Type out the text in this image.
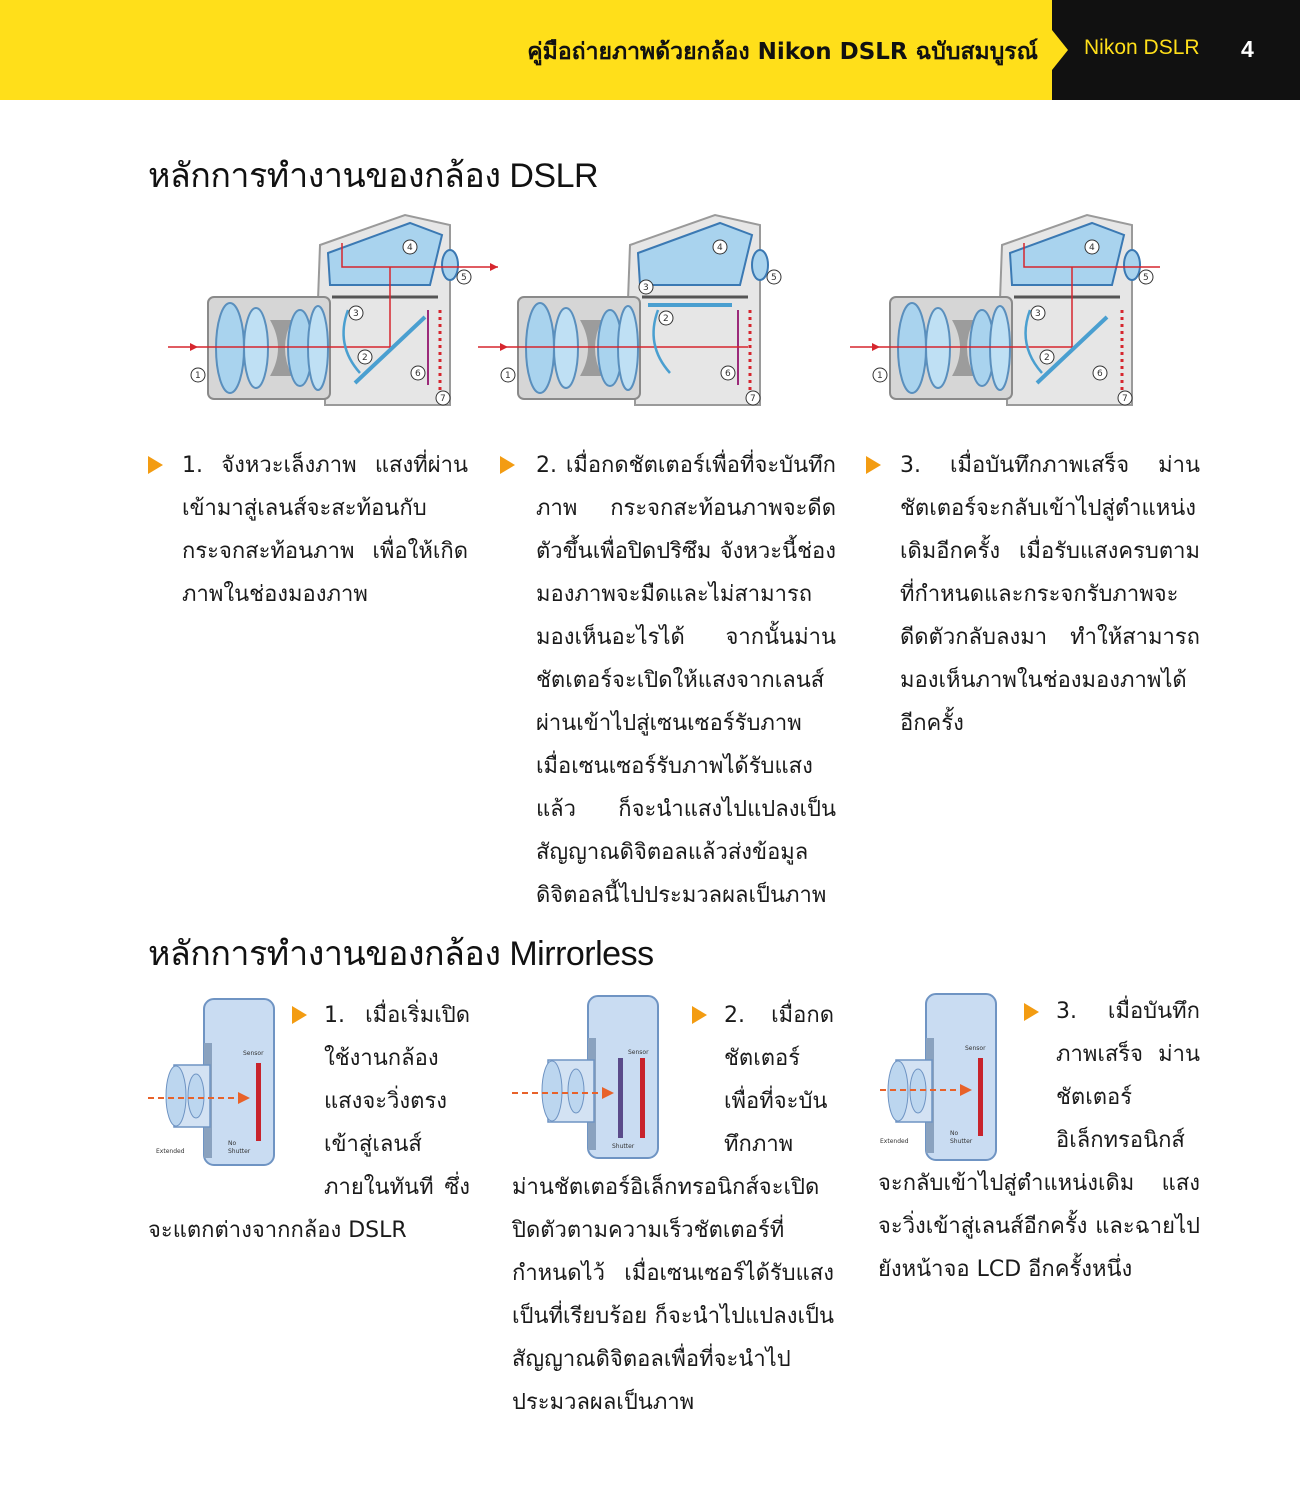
คู่มือถ่ายภาพด้วยกล้อง Nikon DSLR ฉบับสมบูรณ์ Nikon DSLR 4
หลักการทำงานของกล้อง DSLR
1
2
3
4
5
6
7
1
2
3
4
5
6
7
1
2
3
4
5
6
7
1. จังหวะเล็งภาพ แสงที่ผ่านเข้ามาสู่เลนส์จะสะท้อนกับกระจกสะท้อนภาพ เพื่อให้เกิดภาพในช่องมองภาพ
2. เมื่อกดชัตเตอร์เพื่อที่จะบันทึกภาพ กระจกสะท้อนภาพจะดีดตัวขึ้นเพื่อปิดปริซึม จังหวะนี้ช่องมองภาพจะมืดและไม่สามารถมองเห็นอะไรได้ จากนั้นม่านชัตเตอร์จะเปิดให้แสงจากเลนส์ผ่านเข้าไปสู่เซนเซอร์รับภาพ เมื่อเซนเซอร์รับภาพได้รับแสงแล้ว ก็จะนำแสงไปแปลงเป็นสัญญาณดิจิตอลแล้วส่งข้อมูลดิจิตอลนี้ไปประมวลผลเป็นภาพ
3. เมื่อบันทึกภาพเสร็จ ม่านชัตเตอร์จะกลับเข้าไปสู่ตำแหน่งเดิมอีกครั้ง เมื่อรับแสงครบตามที่กำหนดและกระจกรับภาพจะดีดตัวกลับลงมา ทำให้สามารถมองเห็นภาพในช่องมองภาพได้อีกครั้ง
หลักการทำงานของกล้อง Mirrorless
Sensor
No
Shutter
Extended
Sensor
Shutter
Sensor
No
Shutter
Extended
1. เมื่อเริ่มเปิดใช้งานกล้อง แสงจะวิ่งตรงเข้าสู่เลนส์ภายในทันที ซึ่งจะแตกต่างจากกล้อง DSLR
2. เมื่อกดชัตเตอร์เพื่อที่จะบันทึกภาพ ม่านชัตเตอร์อิเล็กทรอนิกส์จะเปิดปิดตัวตามความเร็วชัตเตอร์ที่กำหนดไว้ เมื่อเซนเซอร์ได้รับแสงเป็นที่เรียบร้อย ก็จะนำไปแปลงเป็นสัญญาณดิจิตอลเพื่อที่จะนำไปประมวลผลเป็นภาพ
3. เมื่อบันทึกภาพเสร็จ ม่านชัตเตอร์อิเล็กทรอนิกส์จะกลับเข้าไปสู่ตำแหน่งเดิม แสงจะวิ่งเข้าสู่เลนส์อีกครั้ง และฉายไปยังหน้าจอ LCD อีกครั้งหนึ่ง
